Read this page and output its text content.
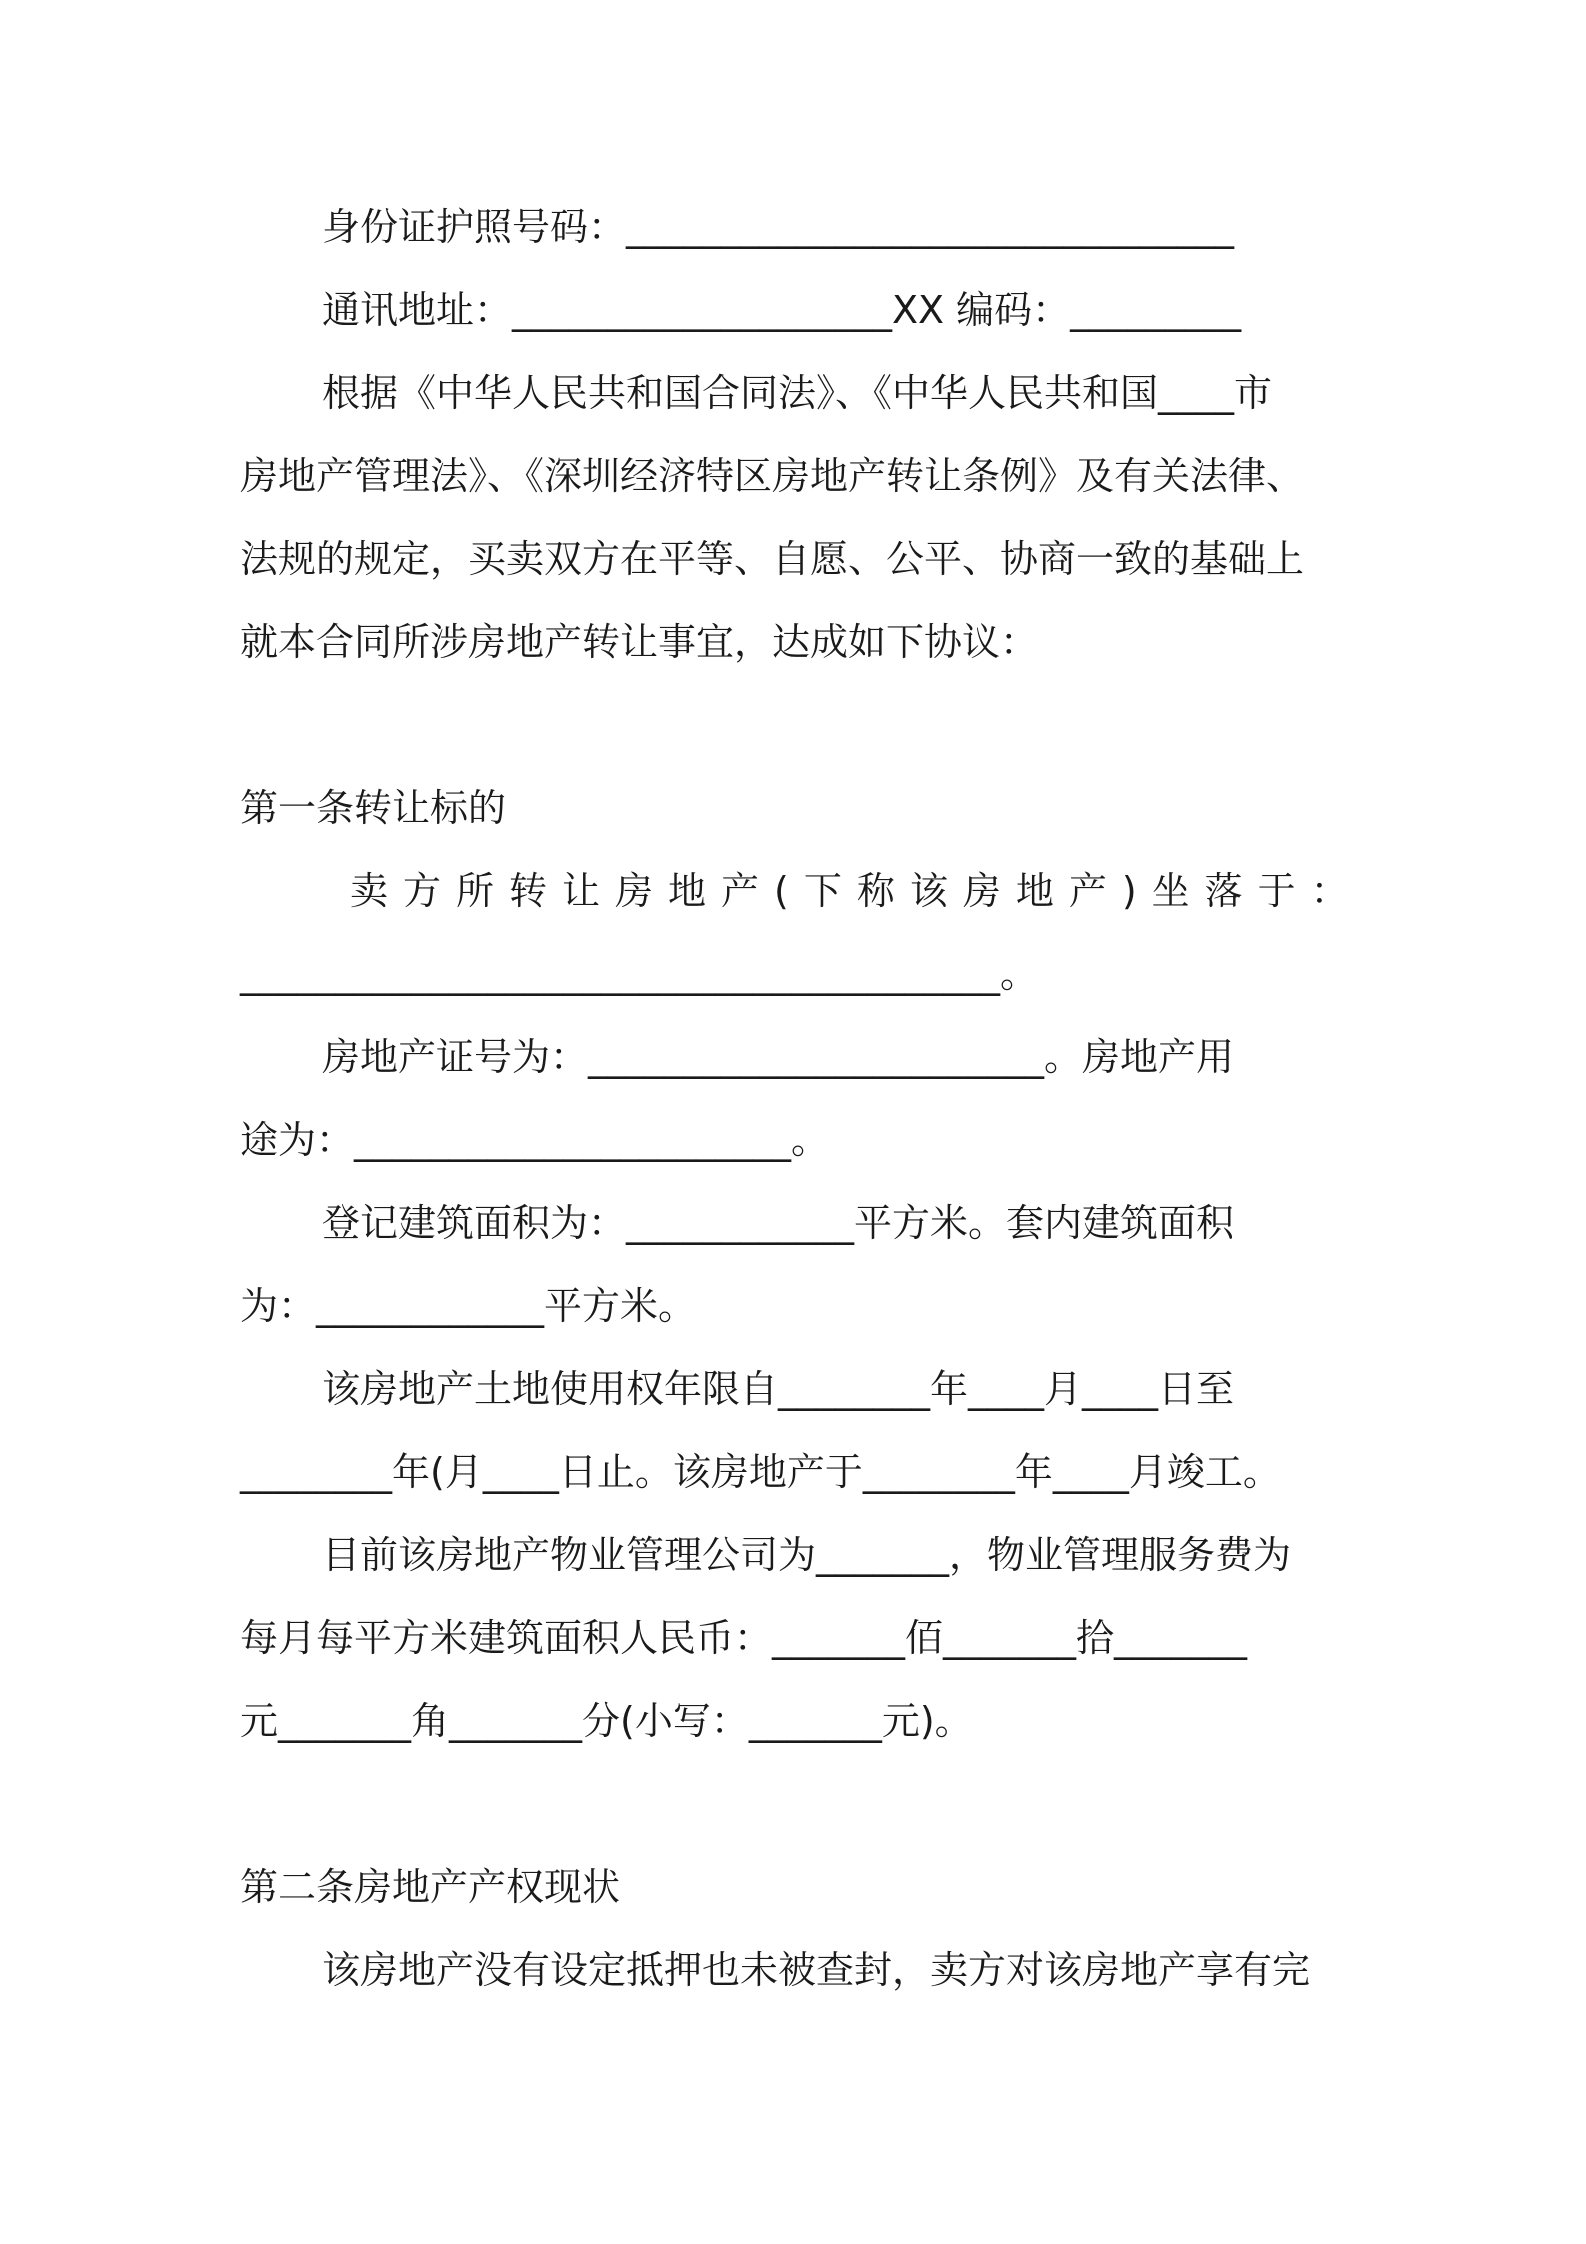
身份证护照号码：________________________________
通讯地址：____________________XX 编码：_________
根据《中华人民共和国合同法》、《中华人民共和国____市
房地产管理法》、《深圳经济特区房地产转让条例》及有关法律、
法规的规定，买卖双方在平等、自愿、公平、协商一致的基础上
就本合同所涉房地产转让事宜，达成如下协议：
第一条转让标的
卖方所转让房地产(下称该房地产)坐落于：
________________________________________。
房地产证号为：________________________。房地产用
途为：_______________________。
登记建筑面积为：____________平方米。套内建筑面积
为：____________平方米。
该房地产土地使用权年限自________年____月____日至
________年(月____日止。该房地产于________年____月竣工。
目前该房地产物业管理公司为_______，物业管理服务费为
每月每平方米建筑面积人民币：_______佰_______拾_______
元_______角_______分(小写：_______元)。
第二条房地产产权现状
该房地产没有设定抵押也未被查封，卖方对该房地产享有完
